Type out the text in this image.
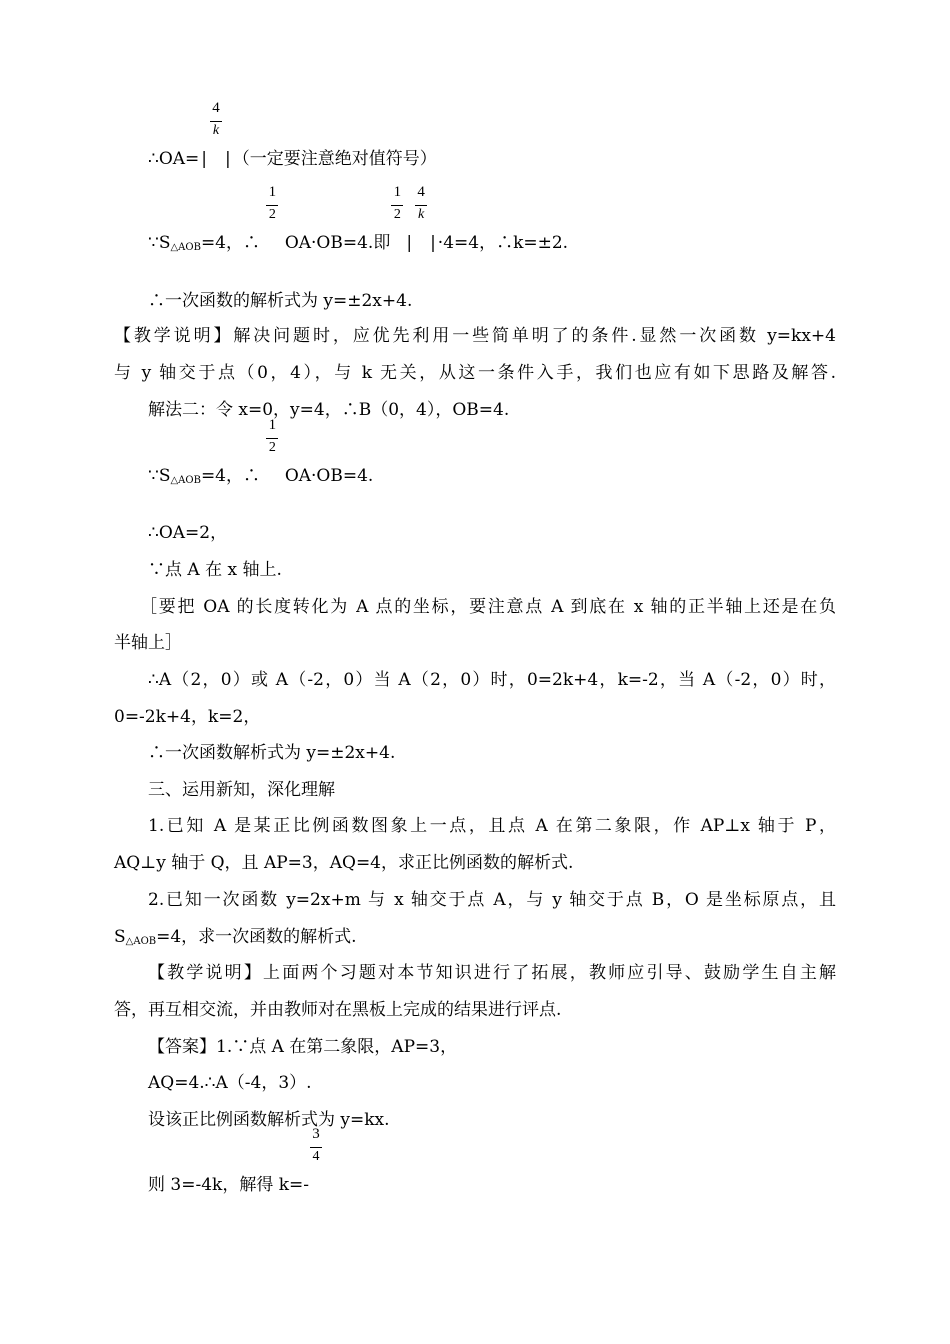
∴OA= | $\frac{4}{k}$ | （一定要注意绝对值符号）
$\because S_{\triangle AOB}=4$，∴ $\frac{1}{2} OA\cdot OB=4$.即 $\frac{1}{2}$ | $\frac{4}{k}$ | ·4=4，∴k=±2.
∴一次函数的解析式为 y=±2x+4.
【教学说明】解决问题时，应优先利用一些简单明了的条件.显然一次函数 y=kx+4
与 y 轴交于点（0，4），与 k 无关，从这一条件入手，我们也应有如下思路及解答.
解法二：令 x=0，y=4，∴B（0，4），OB=4.
$\because S_{\triangle AOB}=4$，∴ $\frac{1}{2} OA\cdot OB=4$.
∴OA=2，
∵点 A 在 x 轴上.
［要把 OA 的长度转化为 A 点的坐标，要注意点 A 到底在 x 轴的正半轴上还是在负
半轴上］
∴A（2，0）或 A（-2，0）当 A（2，0）时，0=2k+4，k=-2，当 A（-2，0）时，
0=-2k+4，k=2，
∴一次函数解析式为 y=±2x+4.
三、运用新知，深化理解
1.已知 A 是某正比例函数图象上一点，且点 A 在第二象限，作 AP⊥x 轴于 P，
AQ⊥y 轴于 Q，且 AP=3，AQ=4，求正比例函数的解析式.
2.已知一次函数 y=2x+m 与 x 轴交于点 A，与 y 轴交于点 B，O 是坐标原点，且
$S_{\triangle AOB}=4$，求一次函数的解析式.
【教学说明】上面两个习题对本节知识进行了拓展，教师应引导、鼓励学生自主解
答，再互相交流，并由教师对在黑板上完成的结果进行评点.
【答案】1.∵点 A 在第二象限，AP=3，
AQ=4.∴A（-4，3）.
设该正比例函数解析式为 y=kx.
则 3=-4k，解得 $k=- \frac{3}{4}$
